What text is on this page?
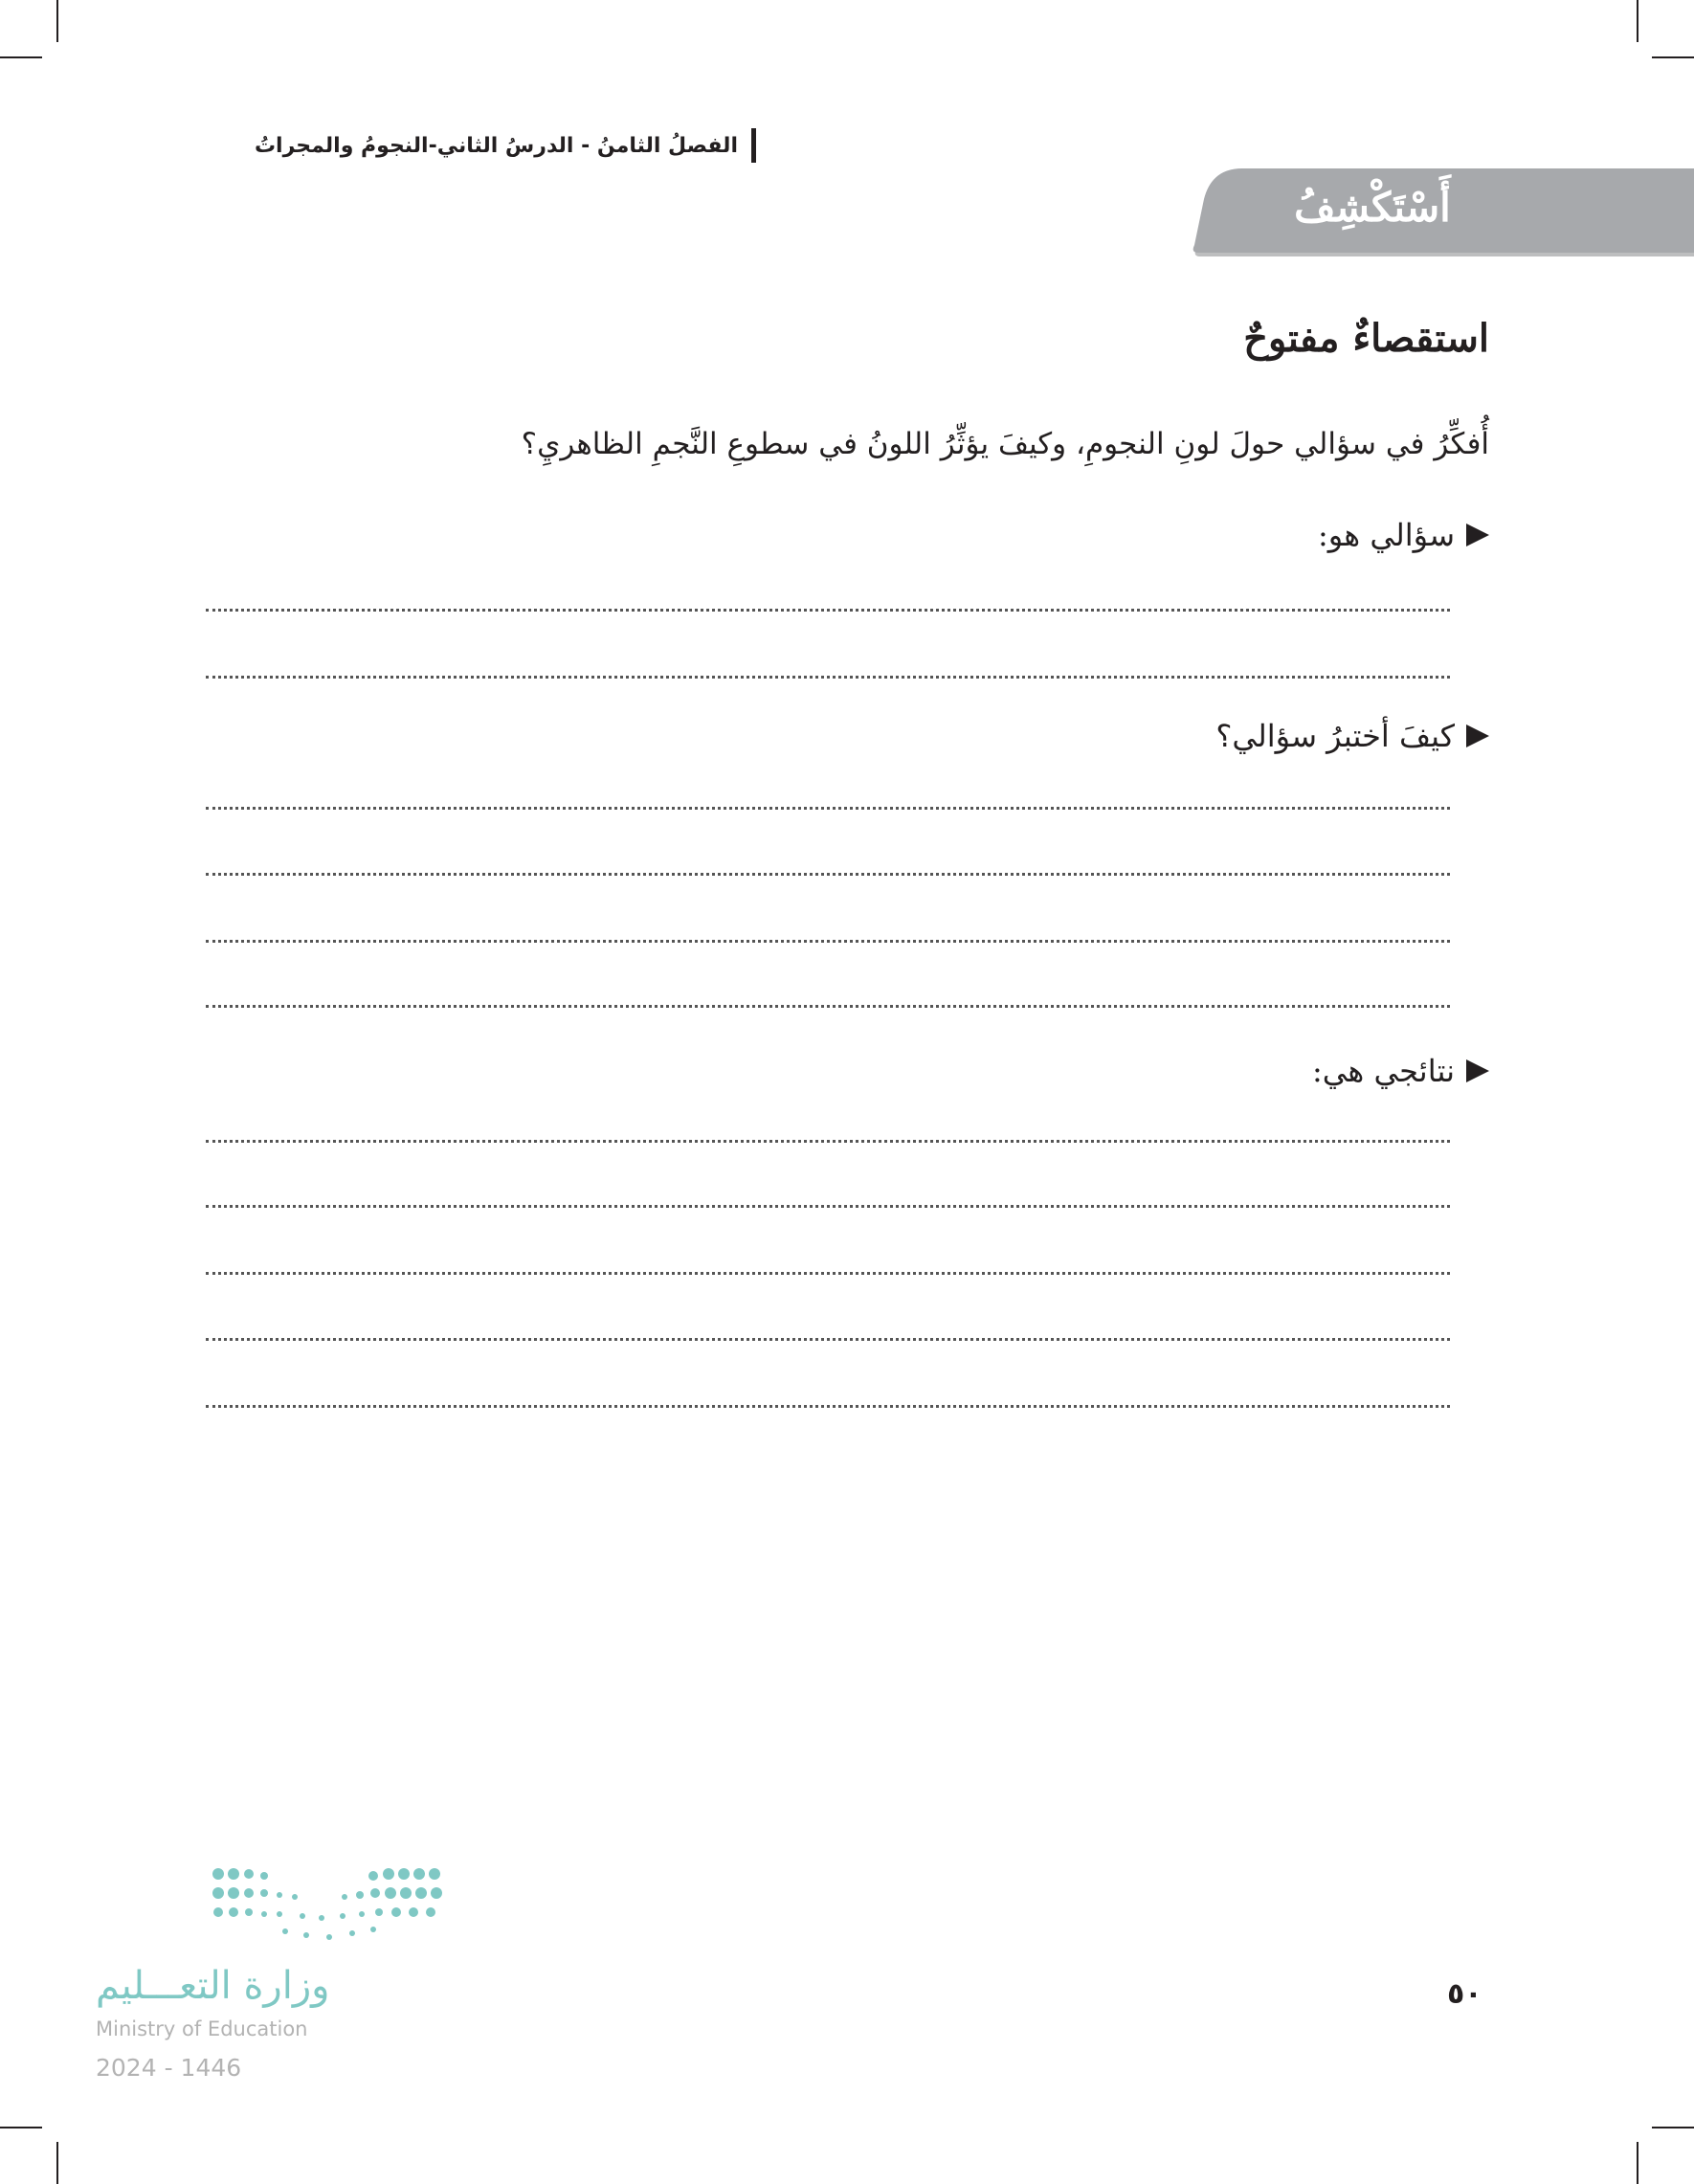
الفصلُ الثامنُ - الدرسُ الثاني-النجومُ والمجراتُ
أَسْتَكْشِفُ
استقصاءٌ مفتوحٌ
أُفكِّرُ في سؤالي حولَ لونِ النجومِ، وكيفَ يؤثِّرُ اللونُ في سطوعِ النَّجمِ الظاهريِ؟
سؤالي هو:
كيفَ أختبرُ سؤالي؟
نتائجي هي:
٥٠
وزارة التعـــليم
Ministry of Education
2024 - 1446
